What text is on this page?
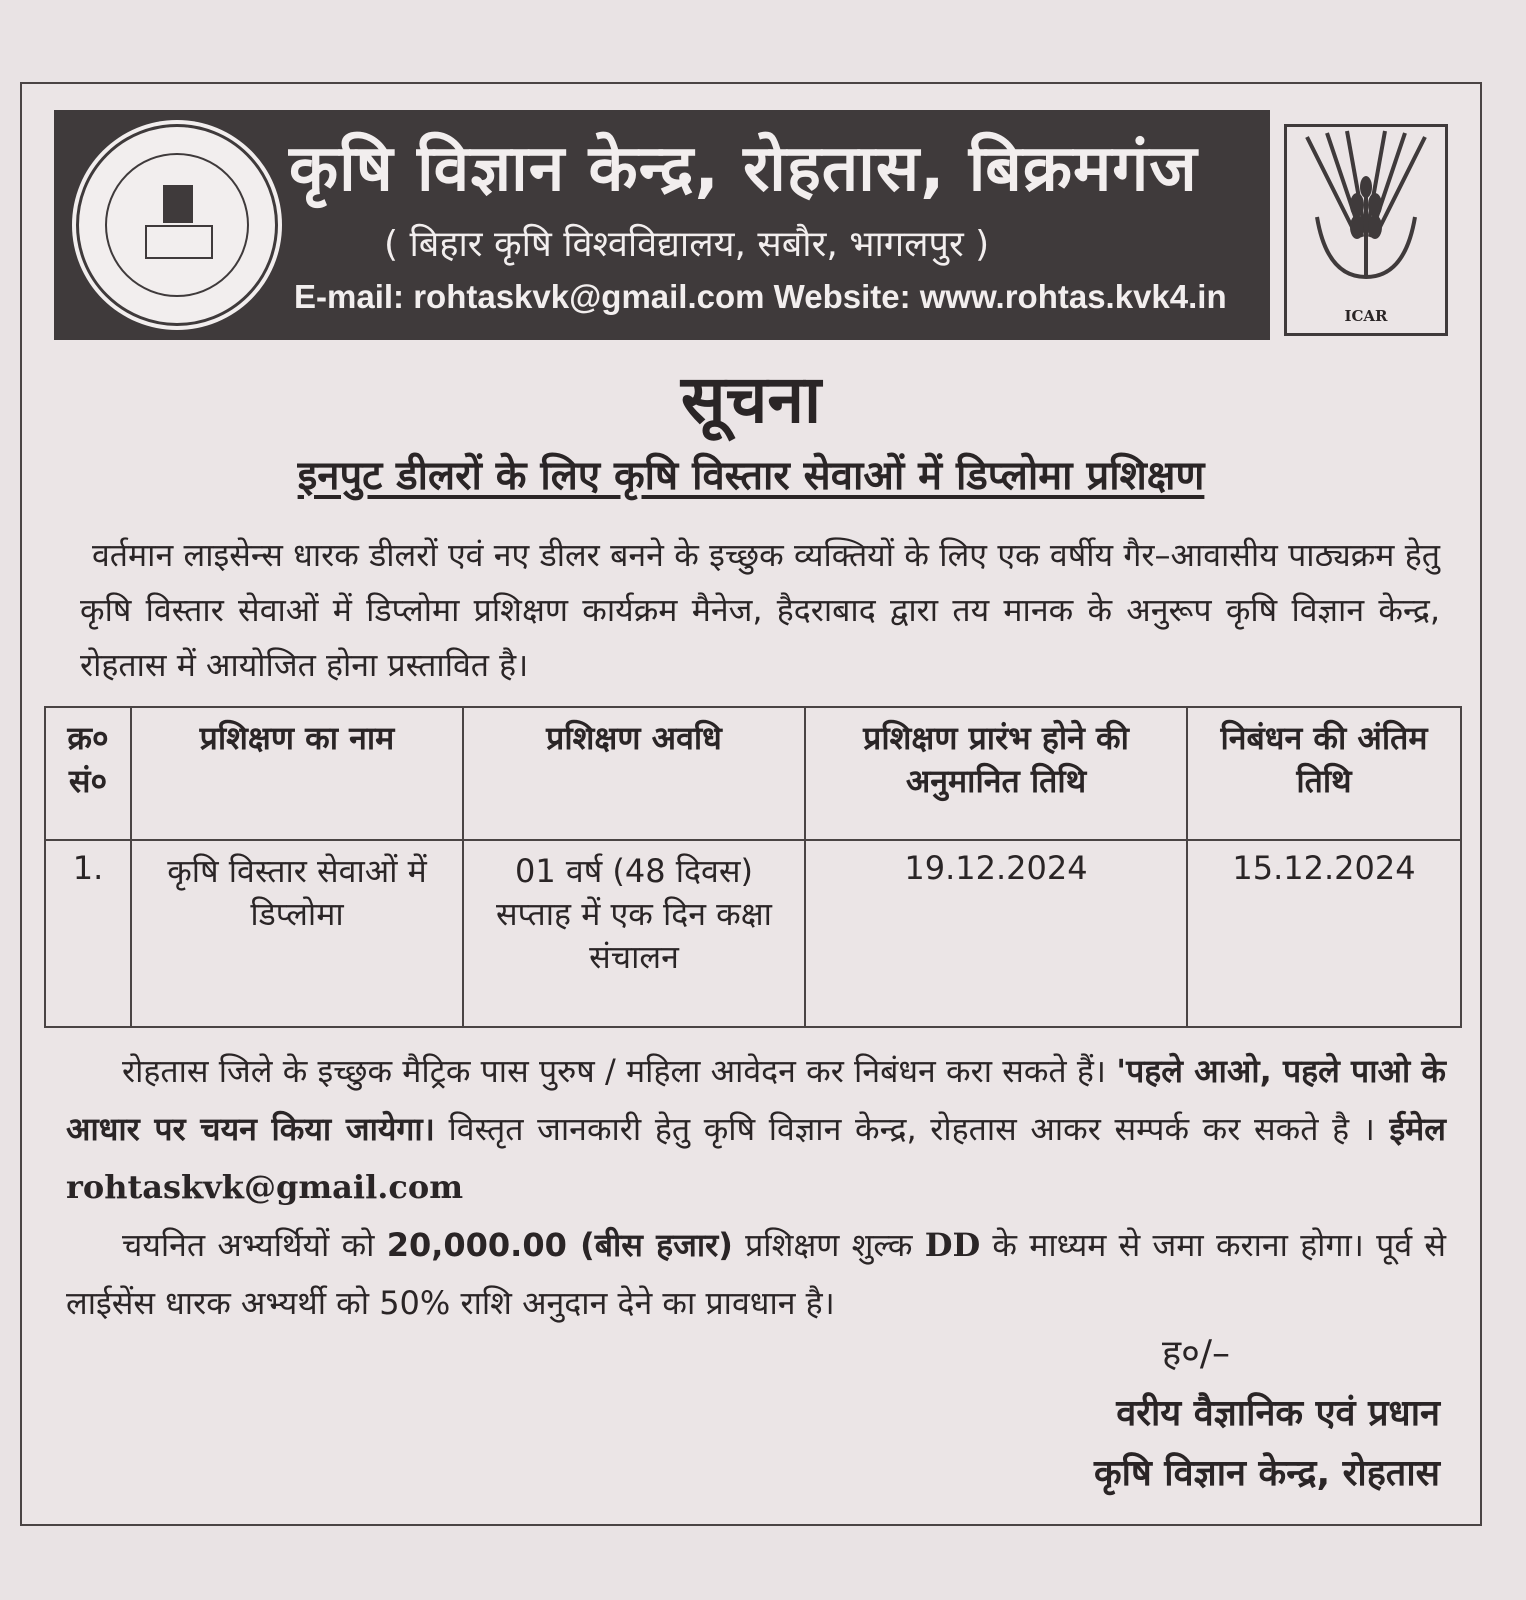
कृषि विज्ञान केन्द्र, रोहतास, बिक्रमगंज
( बिहार कृषि विश्वविद्यालय, सबौर, भागलपुर )
E-mail: rohtaskvk@gmail.com Website: www.rohtas.kvk4.in
ICAR
सूचना
इनपुट डीलरों के लिए कृषि विस्तार सेवाओं में डिप्लोमा प्रशिक्षण
वर्तमान लाइसेन्स धारक डीलरों एवं नए डीलर बनने के इच्छुक व्यक्तियों के लिए एक वर्षीय गैर–आवासीय पाठ्यक्रम हेतु कृषि विस्तार सेवाओं में डिप्लोमा प्रशिक्षण कार्यक्रम मैनेज, हैदराबाद द्वारा तय मानक के अनुरूप कृषि विज्ञान केन्द्र, रोहतास में आयोजित होना प्रस्तावित है।
क्र० सं०	प्रशिक्षण का नाम	प्रशिक्षण अवधि	प्रशिक्षण प्रारंभ होने की अनुमानित तिथि	निबंधन की अंतिम तिथि
1.	कृषि विस्तार सेवाओं में डिप्लोमा	01 वर्ष (48 दिवस) सप्ताह में एक दिन कक्षा संचालन	19.12.2024	15.12.2024

रोहतास जिले के इच्छुक मैट्रिक पास पुरुष / महिला आवेदन कर निबंधन करा सकते हैं। 'पहले आओ, पहले पाओ के आधार पर चयन किया जायेगा। विस्तृत जानकारी हेतु कृषि विज्ञान केन्द्र, रोहतास आकर सम्पर्क कर सकते है । ईमेल rohtaskvk@gmail.com

चयनित अभ्यर्थियों को 20,000.00 (बीस हजार) प्रशिक्षण शुल्क DD के माध्यम से जमा कराना होगा। पूर्व से लाईसेंस धारक अभ्यर्थी को 50% राशि अनुदान देने का प्रावधान है।

ह०/–
वरीय वैज्ञानिक एवं प्रधान
कृषि विज्ञान केन्द्र, रोहतास
